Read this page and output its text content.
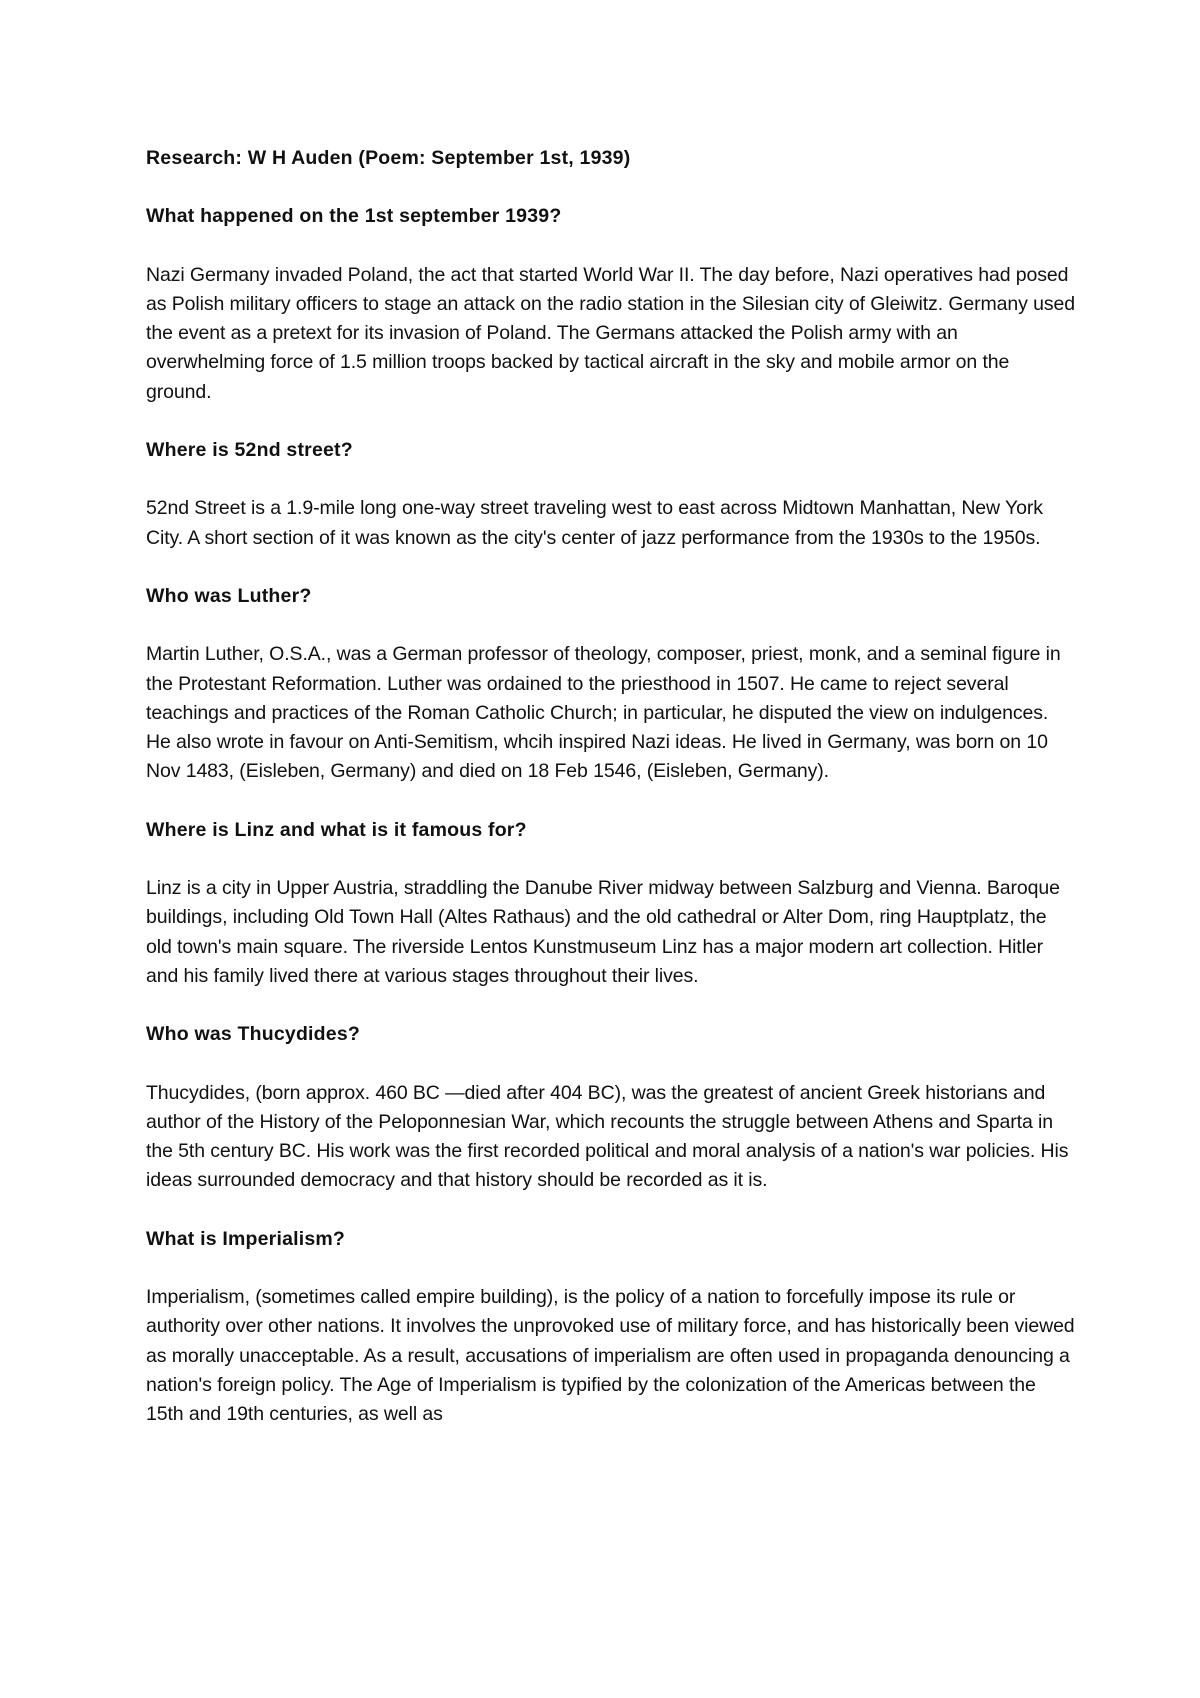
Research: W H Auden (Poem: September 1st, 1939)

What happened on the 1st september 1939?

Nazi Germany invaded Poland, the act that started World War II. The day before, Nazi operatives had posed as Polish military officers to stage an attack on the radio station in the Silesian city of Gleiwitz. Germany used the event as a pretext for its invasion of Poland. The Germans attacked the Polish army with an overwhelming force of 1.5 million troops backed by tactical aircraft in the sky and mobile armor on the ground.

Where is 52nd street?

52nd Street is a 1.9-mile long one-way street traveling west to east across Midtown Manhattan, New York City. A short section of it was known as the city's center of jazz performance from the 1930s to the 1950s.

Who was Luther?

Martin Luther, O.S.A., was a German professor of theology, composer, priest, monk, and a seminal figure in the Protestant Reformation. Luther was ordained to the priesthood in 1507. He came to reject several teachings and practices of the Roman Catholic Church; in particular, he disputed the view on indulgences. He also wrote in favour on Anti-Semitism, whcih inspired Nazi ideas. He lived in Germany, was born on 10 Nov 1483, (Eisleben, Germany) and died on 18 Feb 1546, (Eisleben, Germany).

Where is Linz and what is it famous for?

Linz is a city in Upper Austria, straddling the Danube River midway between Salzburg and Vienna. Baroque buildings, including Old Town Hall (Altes Rathaus) and the old cathedral or Alter Dom, ring Hauptplatz, the old town's main square. The riverside Lentos Kunstmuseum Linz has a major modern art collection. Hitler and his family lived there at various stages throughout their lives.

Who was Thucydides?

Thucydides, (born approx. 460 BC —died after 404 BC), was the greatest of ancient Greek historians and author of the History of the Peloponnesian War, which recounts the struggle between Athens and Sparta in the 5th century BC. His work was the first recorded political and moral analysis of a nation's war policies. His ideas surrounded democracy and that history should be recorded as it is.

What is Imperialism?

Imperialism, (sometimes called empire building), is the policy of a nation to forcefully impose its rule or authority over other nations. It involves the unprovoked use of military force, and has historically been viewed as morally unacceptable. As a result, accusations of imperialism are often used in propaganda denouncing a nation's foreign policy. The Age of Imperialism is typified by the colonization of the Americas between the 15th and 19th centuries, as well as
